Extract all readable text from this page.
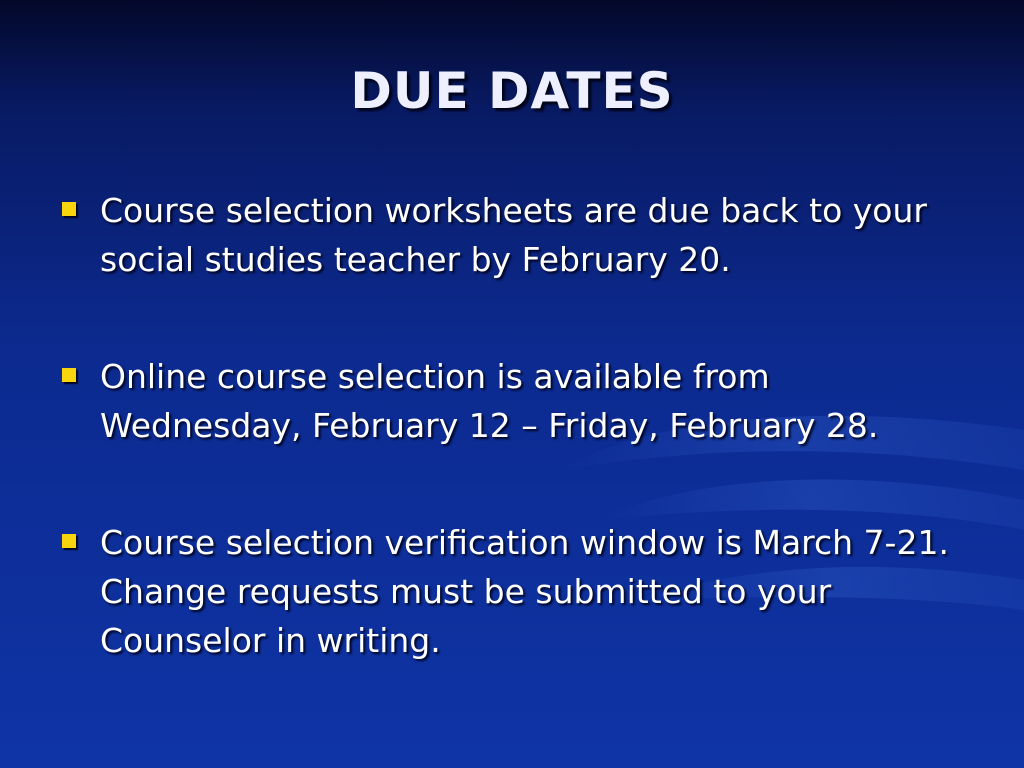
DUE DATES
Course selection worksheets are due back to your social studies teacher by February 20.
Online course selection is available from Wednesday, February 12 – Friday, February 28.
Course selection verification window is March 7-21.  Change requests must be submitted to your Counselor in writing.
